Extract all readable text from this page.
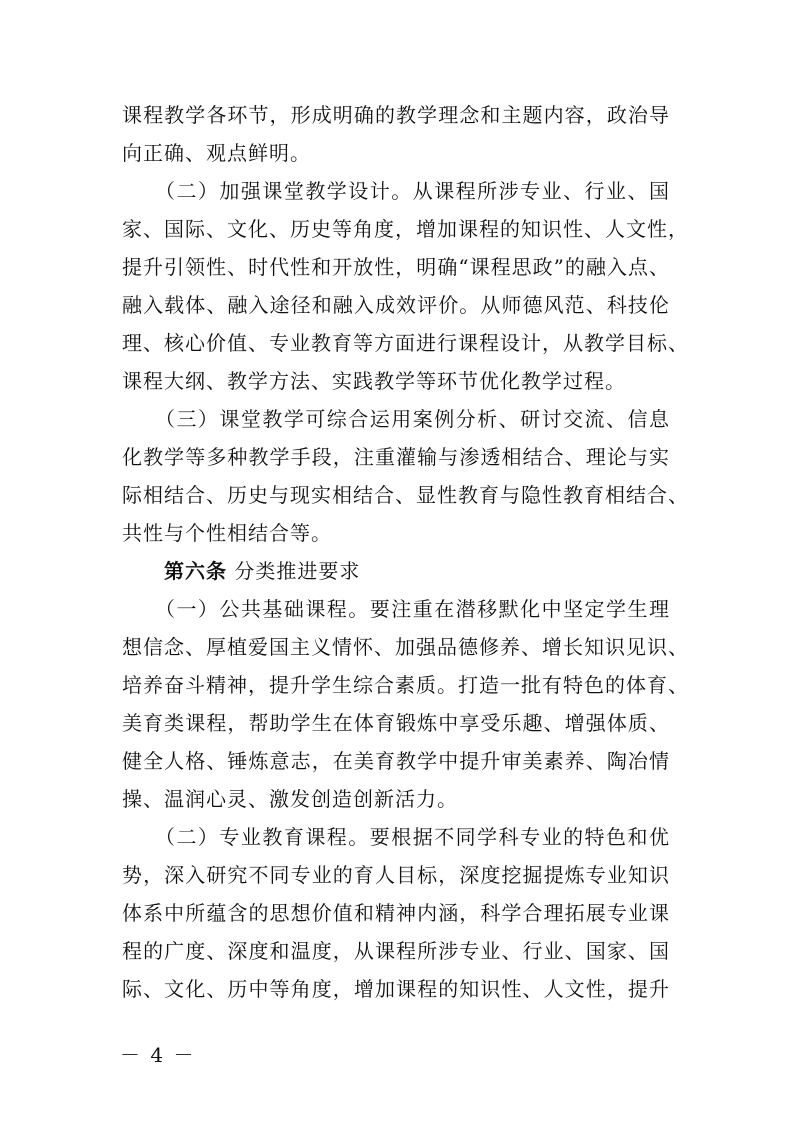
课程教学各环节，形成明确的教学理念和主题内容，政治导
向正确、观点鲜明。
　　（二）加强课堂教学设计。从课程所涉专业、行业、国
家、国际、文化、历史等角度，增加课程的知识性、人文性，
提升引领性、时代性和开放性，明确“课程思政”的融入点、
融入载体、融入途径和融入成效评价。从师德风范、科技伦
理、核心价值、专业教育等方面进行课程设计，从教学目标、
课程大纲、教学方法、实践教学等环节优化教学过程。
　　（三）课堂教学可综合运用案例分析、研讨交流、信息
化教学等多种教学手段，注重灌输与渗透相结合、理论与实
际相结合、历史与现实相结合、显性教育与隐性教育相结合、
共性与个性相结合等。
　　第六条 分类推进要求
　　（一）公共基础课程。要注重在潜移默化中坚定学生理
想信念、厚植爱国主义情怀、加强品德修养、增长知识见识、
培养奋斗精神，提升学生综合素质。打造一批有特色的体育、
美育类课程，帮助学生在体育锻炼中享受乐趣、增强体质、
健全人格、锤炼意志，在美育教学中提升审美素养、陶冶情
操、温润心灵、激发创造创新活力。
　　（二）专业教育课程。要根据不同学科专业的特色和优
势，深入研究不同专业的育人目标，深度挖掘提炼专业知识
体系中所蕴含的思想价值和精神内涵，科学合理拓展专业课
程的广度、深度和温度，从课程所涉专业、行业、国家、国
际、文化、历中等角度，增加课程的知识性、人文性，提升
－ 4 －
